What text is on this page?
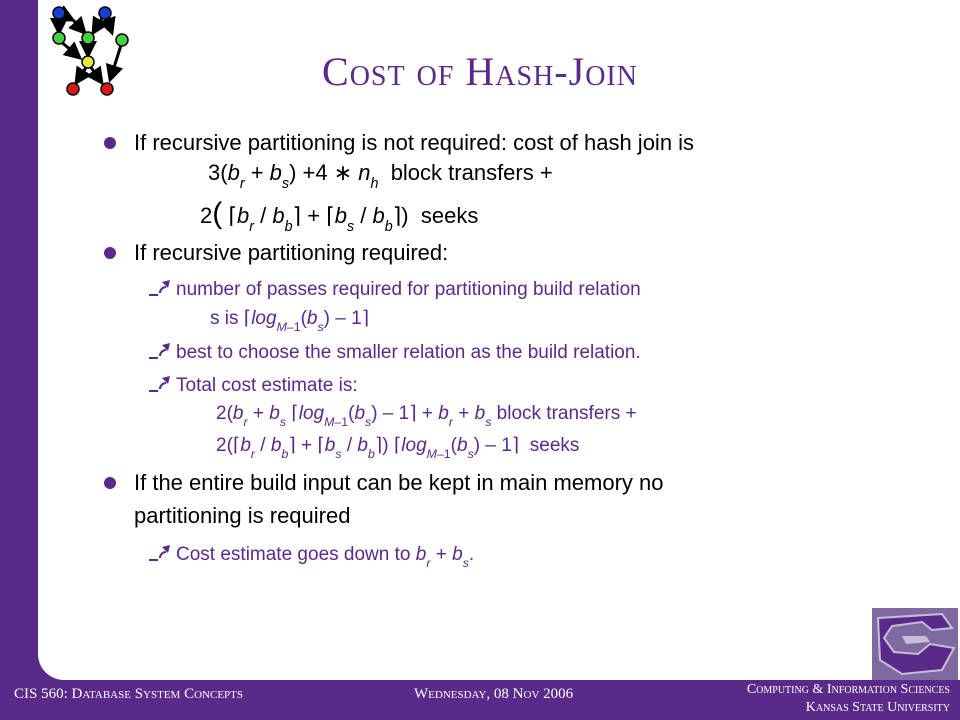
Cost of Hash-Join
If recursive partitioning is not required: cost of hash join is
$3(b_r + b_s) +4$ ∗ $n_h$ block transfers +
2( $⌈b_r$ / $b_b⌉$ + $⌈b_s$ / $b_b⌉$)  seeks
If recursive partitioning required:
number of passes required for partitioning build relation
s is $⌈\log_{M-1}(b_s)$ – 1⌉
best to choose the smaller relation as the build relation.
Total cost estimate is:
$2(b_r + b_s$ $⌈\log_{M-1}(b_s)$ – 1⌉ + $b_r + b_s$ block transfers +
$2(⌈b_r$ / $b_b⌉$ + $⌈b_s$ / $b_b⌉$) $⌈\log_{M-1}(b_s)$ – 1⌉  seeks
If the entire build input can be kept in main memory no
partitioning is required
Cost estimate goes down to $b_r + b_s$.
CIS 560: Database System Concepts	Wednesday, 08 Nov 2006	Computing & Information Sciences
Kansas State University
